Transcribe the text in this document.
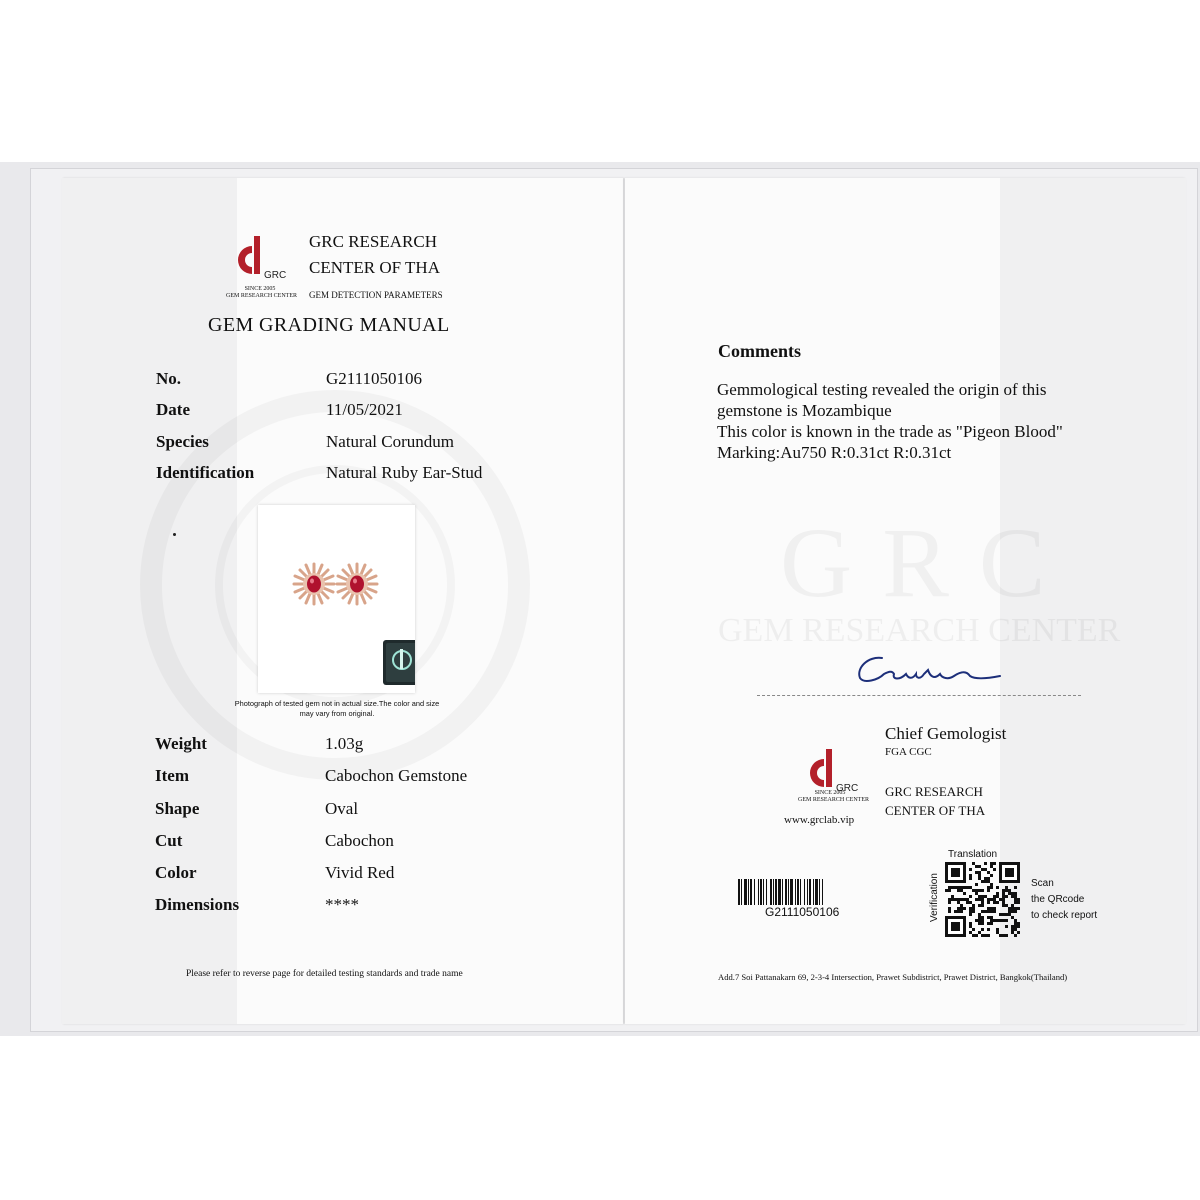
GRC
SINCE 2005
GEM RESEARCH CENTER
GRC RESEARCH
CENTER OF THA
GEM DETECTION PARAMETERS
GEM GRADING MANUAL
No.	G2111050106
Date	11/05/2021
Species	Natural Corundum
Identification	Natural Ruby Ear-Stud
Photograph of tested gem not in actual size.The color and size may vary from original.
Weight	1.03g
Item	Cabochon Gemstone
Shape	Oval
Cut	Cabochon
Color	Vivid Red
Dimensions	****
Please refer to reverse page for detailed testing standards and trade name
GEM RESEARCH CENTER
Comments
Gemmological testing revealed the origin of this
gemstone is Mozambique
This color is known in the trade as "Pigeon Blood"
Marking:Au750 R:0.31ct R:0.31ct
GRC
SINCE 2005
GEM RESEARCH CENTER
www.grclab.vip
Chief Gemologist
FGA CGC
GRC RESEARCH
CENTER OF THA
G2111050106
Translation
Verification	Scan
the QRcode
to check report
Add.7 Soi Pattanakarn 69, 2-3-4 Intersection, Prawet Subdistrict, Prawet District, Bangkok(Thailand)
